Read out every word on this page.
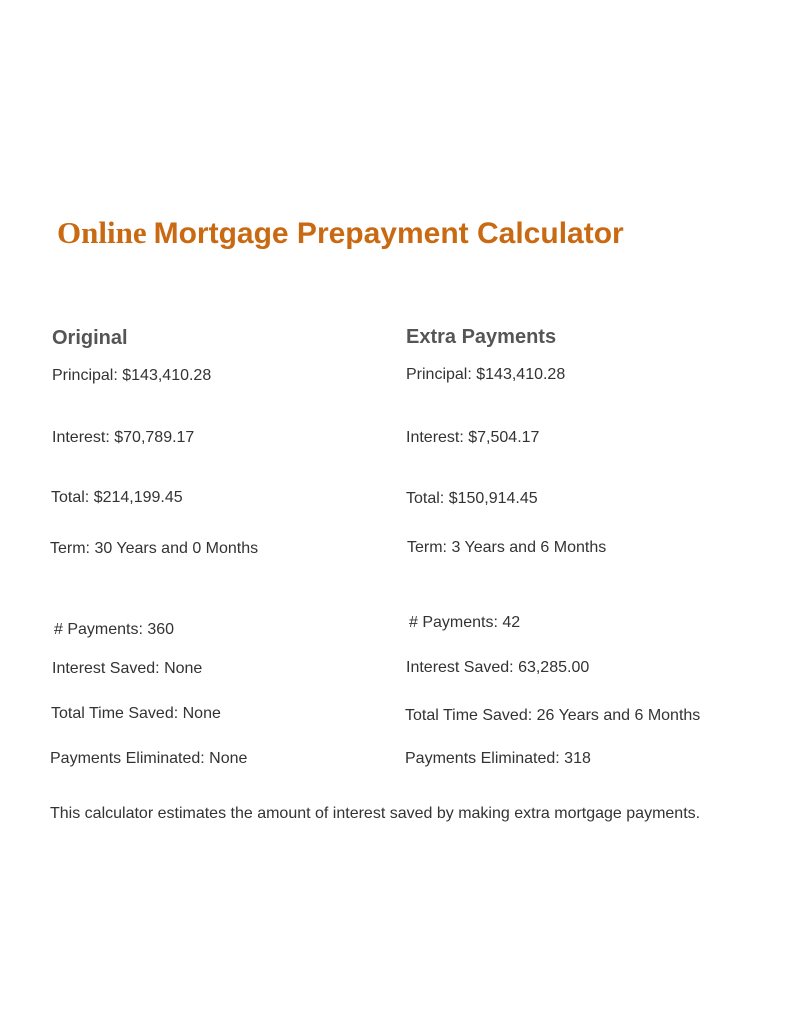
Online Mortgage Prepayment Calculator
Original
Principal: $143,410.28
Interest: $70,789.17
Total: $214,199.45
Term: 30 Years and 0 Months
# Payments: 360
Interest Saved: None
Total Time Saved: None
Payments Eliminated: None
Extra Payments
Principal: $143,410.28
Interest: $7,504.17
Total: $150,914.45
Term: 3 Years and 6 Months
# Payments: 42
Interest Saved: 63,285.00
Total Time Saved: 26 Years and 6 Months
Payments Eliminated: 318

This calculator estimates the amount of interest saved by making extra mortgage payments.
